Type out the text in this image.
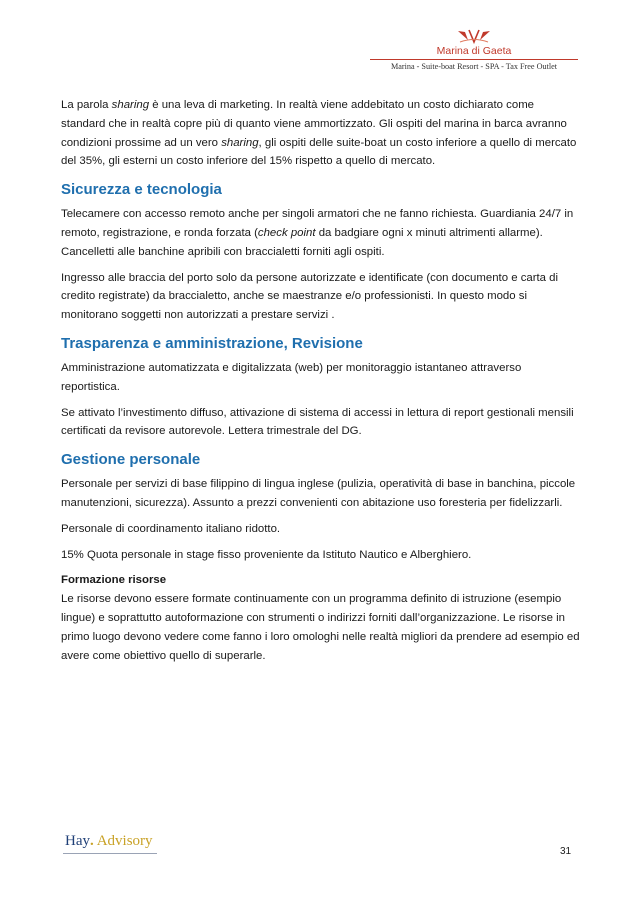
Marina di Gaeta
Marina - Suite-boat Resort - SPA - Tax Free Outlet

La parola sharing è una leva di marketing. In realtà viene addebitato un costo dichiarato come standard che in realtà copre più di quanto viene ammortizzato. Gli ospiti del marina in barca avranno condizioni prossime ad un vero sharing, gli ospiti delle suite-boat un costo inferiore a quello di mercato del 35%, gli esterni un costo inferiore del 15% rispetto a quello di mercato.

Sicurezza e tecnologia

Telecamere con accesso remoto anche per singoli armatori che ne fanno richiesta. Guardiania 24/7 in remoto, registrazione, e ronda forzata (check point da badgiare ogni x minuti altrimenti allarme). Cancelletti alle banchine apribili con braccialetti forniti agli ospiti.

Ingresso alle braccia del porto solo da persone autorizzate e identificate (con documento e carta di credito registrate) da braccialetto, anche se maestranze e/o professionisti. In questo modo si monitorano soggetti non autorizzati a prestare servizi .

Trasparenza e amministrazione, Revisione

Amministrazione automatizzata e digitalizzata (web) per monitoraggio istantaneo attraverso reportistica.

Se attivato l’investimento diffuso, attivazione di sistema di accessi in lettura di report gestionali mensili certificati da revisore autorevole. Lettera trimestrale del DG.

Gestione personale

Personale per servizi di base filippino di lingua inglese (pulizia, operatività di base in banchina, piccole manutenzioni, sicurezza). Assunto a prezzi convenienti con abitazione uso foresteria per fidelizzarli.

Personale di coordinamento italiano ridotto.

15% Quota personale in stage fisso proveniente da Istituto Nautico e Alberghiero.

Formazione risorse
Le risorse devono essere formate continuamente con un programma definito di istruzione (esempio lingue) e soprattutto autoformazione con strumenti o indirizzi forniti dall’organizzazione. Le risorse in primo luogo devono vedere come fanno i loro omologhi nelle realtà migliori da prendere ad esempio ed avere come obiettivo quello di superarle.

Hay. Advisory
31
